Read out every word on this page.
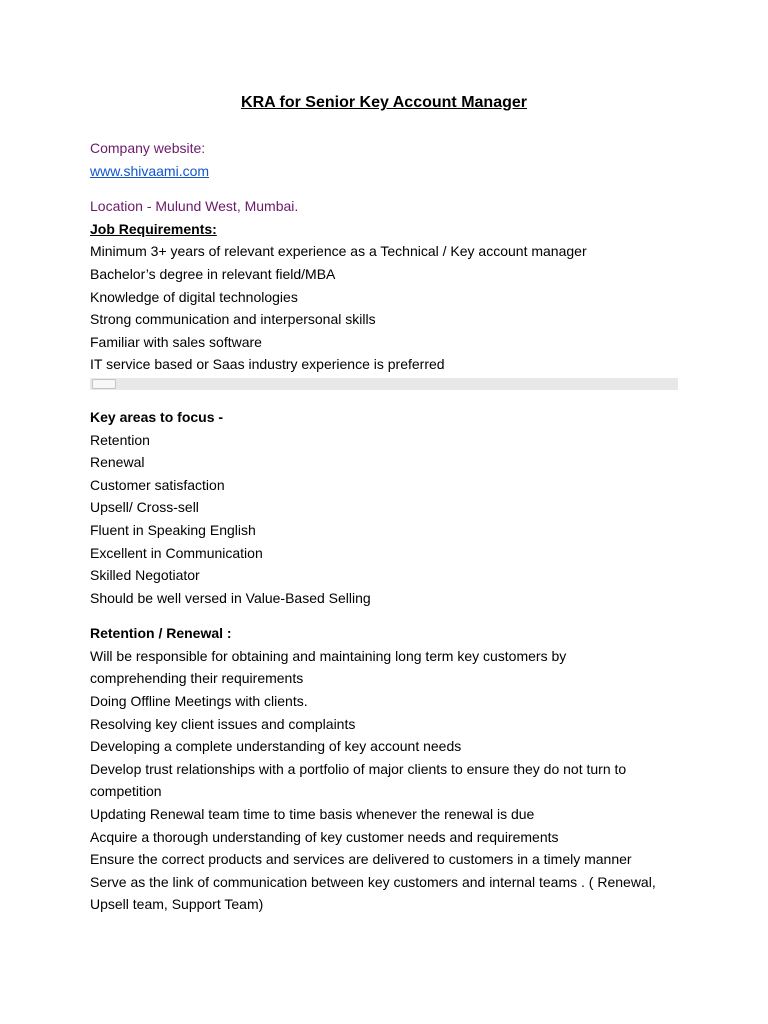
KRA for Senior Key Account Manager
Company website:
www.shivaami.com
Location - Mulund West, Mumbai.
Job Requirements:
Minimum 3+ years of relevant experience as a Technical / Key account manager
Bachelor’s degree in relevant field/MBA
Knowledge of digital technologies
Strong communication and interpersonal skills
Familiar with sales software
IT service based or Saas industry experience is preferred
Key areas to focus -
Retention
Renewal
Customer satisfaction
Upsell/ Cross-sell
Fluent in Speaking English
Excellent in Communication
Skilled Negotiator
Should be well versed in Value-Based Selling
Retention / Renewal :
Will be responsible for obtaining and maintaining long term key customers by comprehending their requirements
Doing Offline Meetings with clients.
Resolving key client issues and complaints
Developing a complete understanding of key account needs
Develop trust relationships with a portfolio of major clients to ensure they do not turn to competition
Updating Renewal team time to time basis whenever the renewal is due
Acquire a thorough understanding of key customer needs and requirements
Ensure the correct products and services are delivered to customers in a timely manner
Serve as the link of communication between key customers and internal teams . ( Renewal, Upsell team, Support Team)
